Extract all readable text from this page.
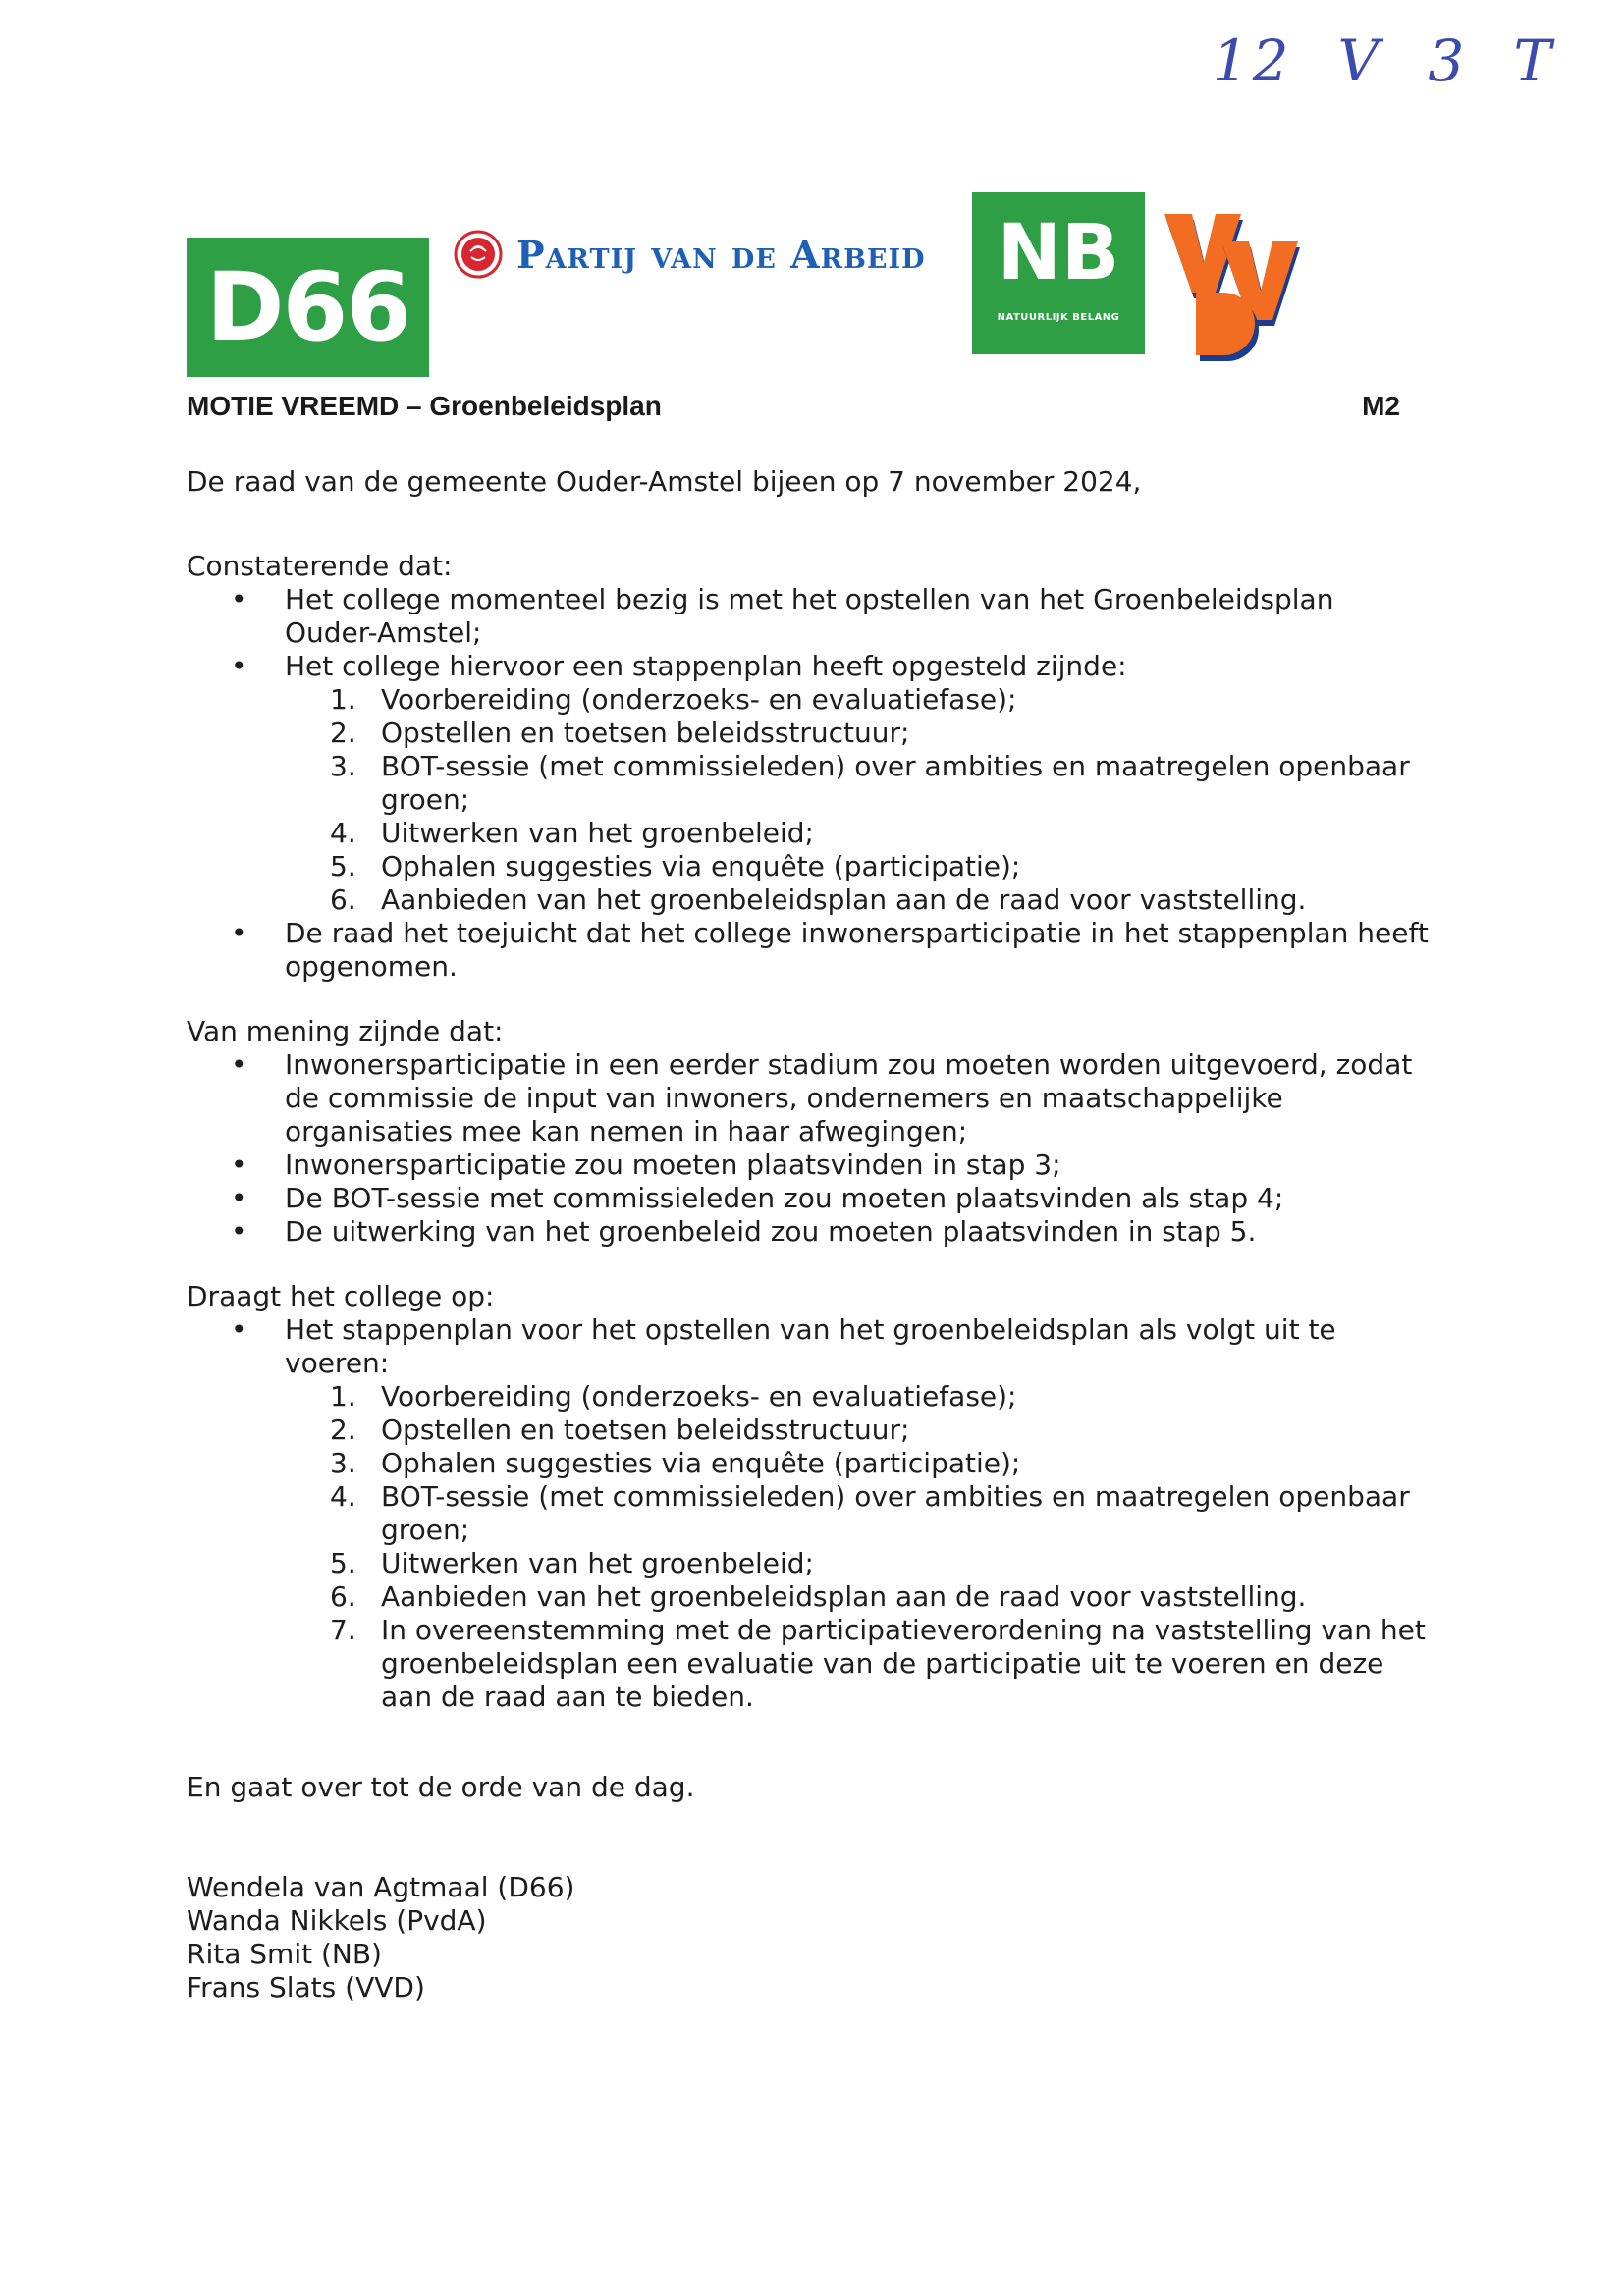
12 V 3 T
D66	Partij van de Arbeid NB
NATUURLIJK BELANG
MOTIE VREEMD – Groenbeleidsplan	M2

De raad van de gemeente Ouder-Amstel bijeen op 7 november 2024,

Constaterende dat:

• Het college momenteel bezig is met het opstellen van het Groenbeleidsplan Ouder-Amstel;
• Het college hiervoor een stappenplan heeft opgesteld zijnde:
1. Voorbereiding (onderzoeks- en evaluatiefase);
2. Opstellen en toetsen beleidsstructuur;
3. BOT-sessie (met commissieleden) over ambities en maatregelen openbaar groen;
4. Uitwerken van het groenbeleid;
5. Ophalen suggesties via enquête (participatie);
6. Aanbieden van het groenbeleidsplan aan de raad voor vaststelling.
• De raad het toejuicht dat het college inwonersparticipatie in het stappenplan heeft opgenomen.

Van mening zijnde dat:

• Inwonersparticipatie in een eerder stadium zou moeten worden uitgevoerd, zodat de commissie de input van inwoners, ondernemers en maatschappelijke organisaties mee kan nemen in haar afwegingen;
• Inwonersparticipatie zou moeten plaatsvinden in stap 3;
• De BOT-sessie met commissieleden zou moeten plaatsvinden als stap 4;
• De uitwerking van het groenbeleid zou moeten plaatsvinden in stap 5.

Draagt het college op:

• Het stappenplan voor het opstellen van het groenbeleidsplan als volgt uit te voeren:
1. Voorbereiding (onderzoeks- en evaluatiefase);
2. Opstellen en toetsen beleidsstructuur;
3. Ophalen suggesties via enquête (participatie);
4. BOT-sessie (met commissieleden) over ambities en maatregelen openbaar groen;
5. Uitwerken van het groenbeleid;
6. Aanbieden van het groenbeleidsplan aan de raad voor vaststelling.
7. In overeenstemming met de participatieverordening na vaststelling van het groenbeleidsplan een evaluatie van de participatie uit te voeren en deze aan de raad aan te bieden.

En gaat over tot de orde van de dag.

Wendela van Agtmaal (D66)
Wanda Nikkels (PvdA)
Rita Smit (NB)
Frans Slats (VVD)
